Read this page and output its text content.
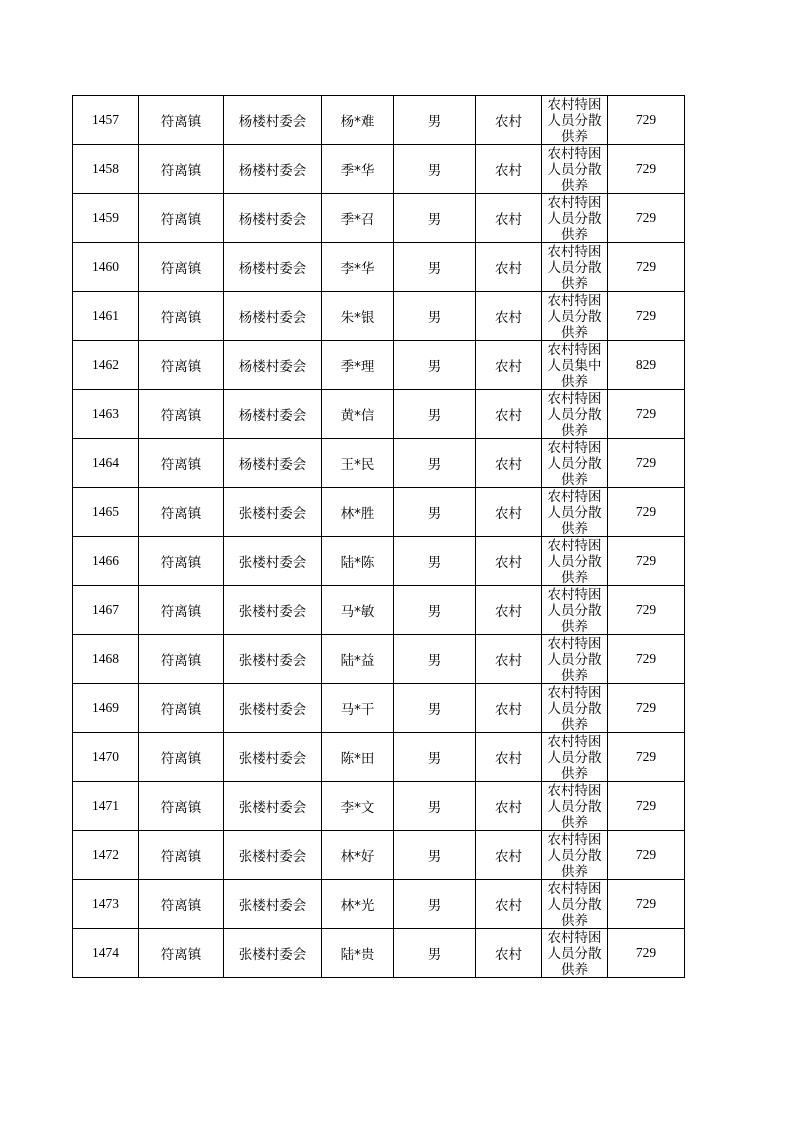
1457	符离镇	杨楼村委会	杨*难	男	农村	农村特困
人员分散
供养	729
1458	符离镇	杨楼村委会	季*华	男	农村	农村特困
人员分散
供养	729
1459	符离镇	杨楼村委会	季*召	男	农村	农村特困
人员分散
供养	729
1460	符离镇	杨楼村委会	李*华	男	农村	农村特困
人员分散
供养	729
1461	符离镇	杨楼村委会	朱*银	男	农村	农村特困
人员分散
供养	729
1462	符离镇	杨楼村委会	季*理	男	农村	农村特困
人员集中
供养	829
1463	符离镇	杨楼村委会	黄*信	男	农村	农村特困
人员分散
供养	729
1464	符离镇	杨楼村委会	王*民	男	农村	农村特困
人员分散
供养	729
1465	符离镇	张楼村委会	林*胜	男	农村	农村特困
人员分散
供养	729
1466	符离镇	张楼村委会	陆*陈	男	农村	农村特困
人员分散
供养	729
1467	符离镇	张楼村委会	马*敏	男	农村	农村特困
人员分散
供养	729
1468	符离镇	张楼村委会	陆*益	男	农村	农村特困
人员分散
供养	729
1469	符离镇	张楼村委会	马*干	男	农村	农村特困
人员分散
供养	729
1470	符离镇	张楼村委会	陈*田	男	农村	农村特困
人员分散
供养	729
1471	符离镇	张楼村委会	李*文	男	农村	农村特困
人员分散
供养	729
1472	符离镇	张楼村委会	林*好	男	农村	农村特困
人员分散
供养	729
1473	符离镇	张楼村委会	林*光	男	农村	农村特困
人员分散
供养	729
1474	符离镇	张楼村委会	陆*贵	男	农村	农村特困
人员分散
供养	729
